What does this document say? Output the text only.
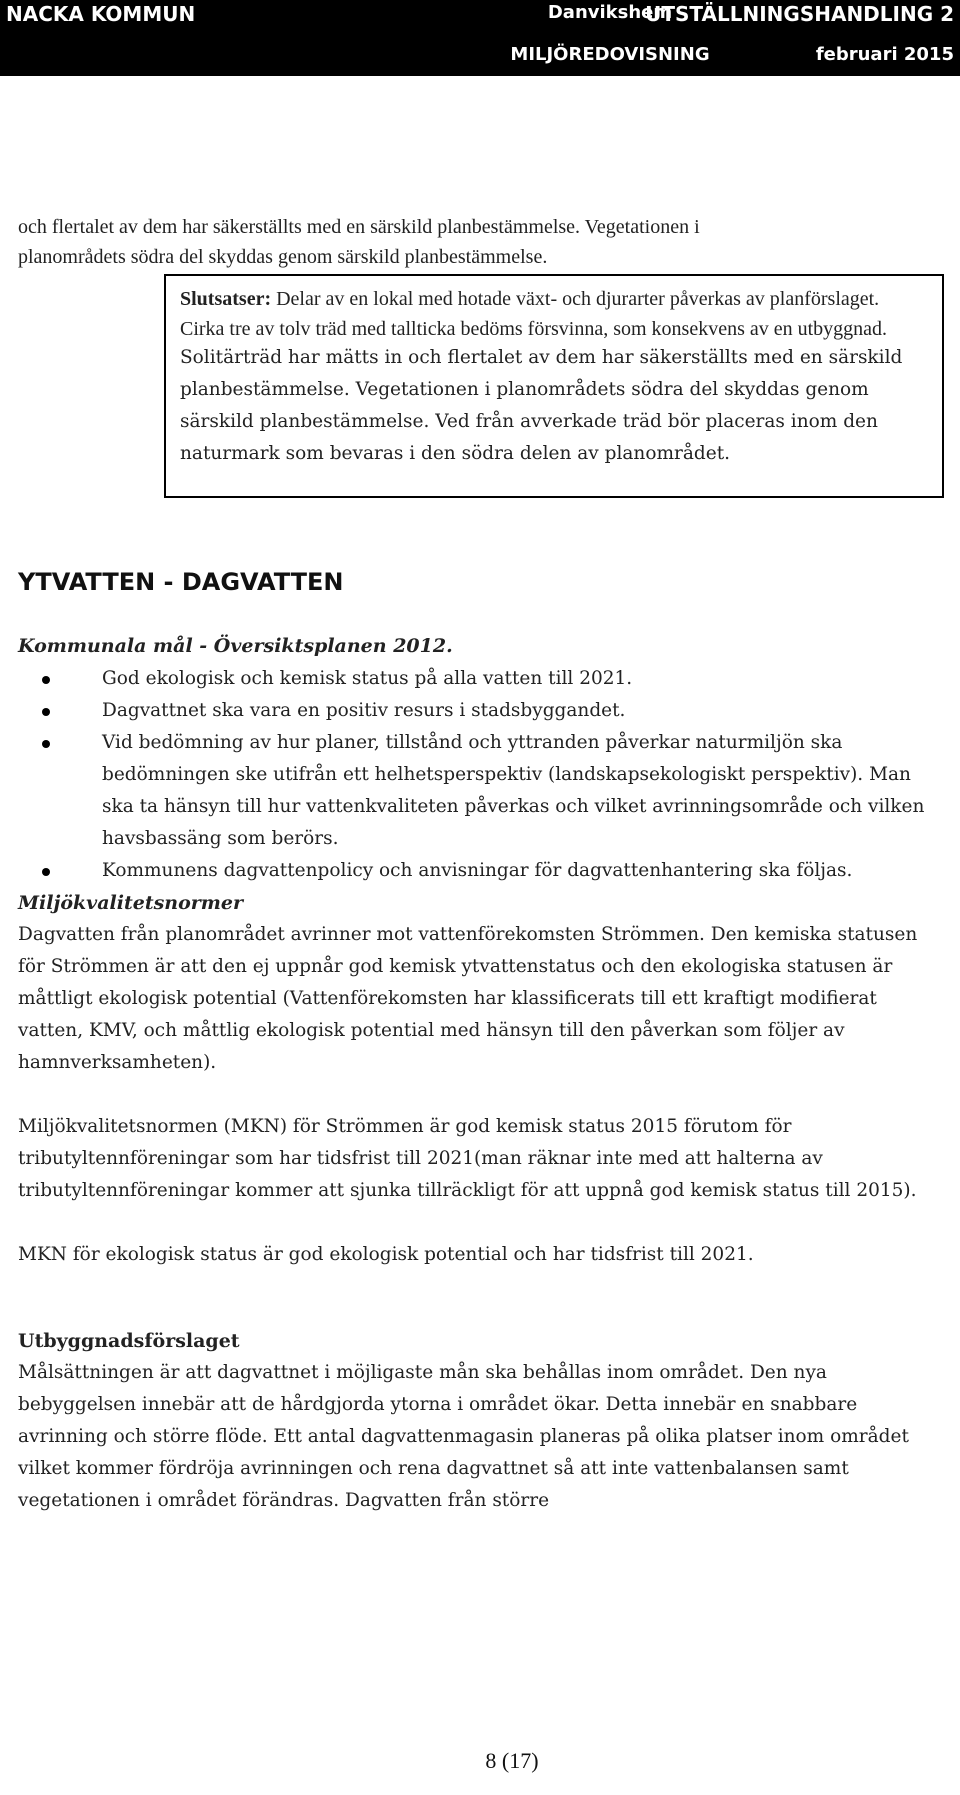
NACKA KOMMUN	Danvikshem
MILJÖREDOVISNING
UTSTÄLLNINGSHANDLING 2
februari 2015

och flertalet av dem har säkerställts med en särskild planbestämmelse. Vegetationen i

planområdets södra del skyddas genom särskild planbestämmelse.

Slutsatser: Delar av en lokal med hotade växt- och djurarter påverkas av planförslaget. Cirka tre av tolv träd med tallticka bedöms försvinna, som konsekvens av en utbyggnad.

Solitärträd har mätts in och flertalet av dem har säkerställts med en särskild planbestämmelse. Vegetationen i planområdets södra del skyddas genom särskild planbestämmelse. Ved från avverkade träd bör placeras inom den naturmark som bevaras i den södra delen av planområdet.

YTVATTEN - DAGVATTEN

Kommunala mål - Översiktsplanen 2012.

God ekologisk och kemisk status på alla vatten till 2021.
Dagvattnet ska vara en positiv resurs i stadsbyggandet.
Vid bedömning av hur planer, tillstånd och yttranden påverkar naturmiljön ska bedömningen ske utifrån ett helhetsperspektiv (landskapsekologiskt perspektiv). Man ska ta hänsyn till hur vattenkvaliteten påverkas och vilket avrinningsområde och vilken havsbassäng som berörs.
Kommunens dagvattenpolicy och anvisningar för dagvattenhantering ska följas.

Miljökvalitetsnormer

Dagvatten från planområdet avrinner mot vattenförekomsten Strömmen. Den kemiska statusen för Strömmen är att den ej uppnår god kemisk ytvattenstatus och den ekologiska statusen är måttligt ekologisk potential (Vattenförekomsten har klassificerats till ett kraftigt modifierat vatten, KMV, och måttlig ekologisk potential med hänsyn till den påverkan som följer av hamnverksamheten).

Miljökvalitetsnormen (MKN) för Strömmen är god kemisk status 2015 förutom för tributyltennföreningar som har tidsfrist till 2021(man räknar inte med att halterna av tributyltennföreningar kommer att sjunka tillräckligt för att uppnå god kemisk status till 2015).

MKN för ekologisk status är god ekologisk potential och har tidsfrist till 2021.

Utbyggnadsförslaget

Målsättningen är att dagvattnet i möjligaste mån ska behållas inom området. Den nya bebyggelsen innebär att de hårdgjorda ytorna i området ökar. Detta innebär en snabbare avrinning och större flöde. Ett antal dagvattenmagasin planeras på olika platser inom området vilket kommer fördröja avrinningen och rena dagvattnet så att inte vattenbalansen samt vegetationen i området förändras. Dagvatten från större

8 (17)
